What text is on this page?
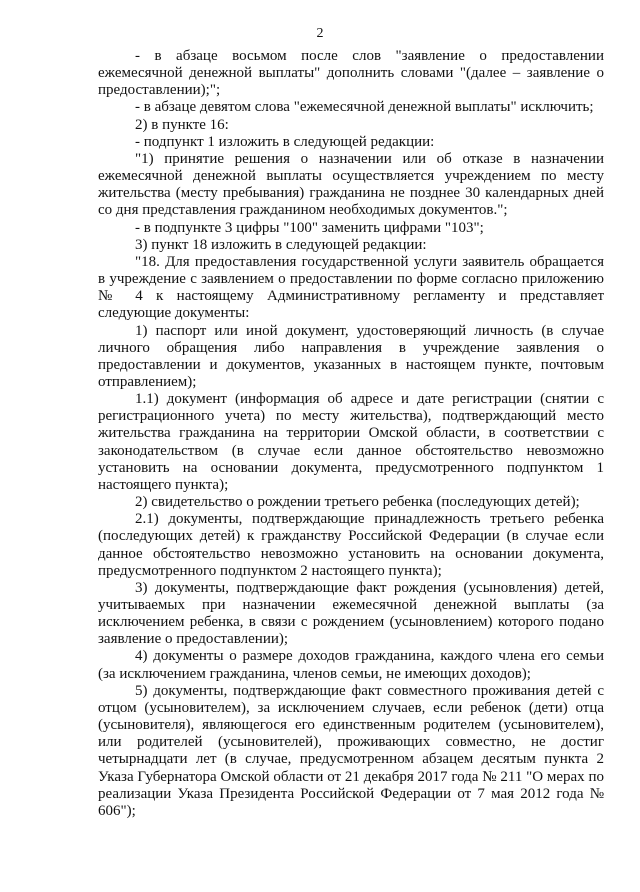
2

- в абзаце восьмом после слов "заявление о предоставлении ежемесячной денежной выплаты" дополнить словами "(далее – заявление о предоставлении);";

- в абзаце девятом слова "ежемесячной денежной выплаты" исключить;

2) в пункте 16:

- подпункт 1 изложить в следующей редакции:

"1) принятие решения о назначении или об отказе в назначении ежемесячной денежной выплаты осуществляется учреждением по месту жительства (месту пребывания) гражданина не позднее 30 календарных дней со дня представления гражданином необходимых документов.";

- в подпункте 3 цифры "100" заменить цифрами "103";

3) пункт 18 изложить в следующей редакции:

"18. Для предоставления государственной услуги заявитель обращается в учреждение с заявлением о предоставлении по форме согласно приложению № 4 к настоящему Административному регламенту и представляет следующие документы:

1) паспорт или иной документ, удостоверяющий личность (в случае личного обращения либо направления в учреждение заявления о предоставлении и документов, указанных в настоящем пункте, почтовым отправлением);

1.1) документ (информация об адресе и дате регистрации (снятии с регистрационного учета) по месту жительства), подтверждающий место жительства гражданина на территории Омской области, в соответствии с законодательством (в случае если данное обстоятельство невозможно установить на основании документа, предусмотренного подпунктом 1 настоящего пункта);

2) свидетельство о рождении третьего ребенка (последующих детей);

2.1) документы, подтверждающие принадлежность третьего ребенка (последующих детей) к гражданству Российской Федерации (в случае если данное обстоятельство невозможно установить на основании документа, предусмотренного подпунктом 2 настоящего пункта);

3) документы, подтверждающие факт рождения (усыновления) детей, учитываемых при назначении ежемесячной денежной выплаты (за исключением ребенка, в связи с рождением (усыновлением) которого подано заявление о предоставлении);

4) документы о размере доходов гражданина, каждого члена его семьи (за исключением гражданина, членов семьи, не имеющих доходов);

5) документы, подтверждающие факт совместного проживания детей с отцом (усыновителем), за исключением случаев, если ребенок (дети) отца (усыновителя), являющегося его единственным родителем (усыновителем), или родителей (усыновителей), проживающих совместно, не достиг четырнадцати лет (в случае, предусмотренном абзацем десятым пункта 2 Указа Губернатора Омской области от 21 декабря 2017 года № 211 "О мерах по реализации Указа Президента Российской Федерации от 7 мая 2012 года № 606");
